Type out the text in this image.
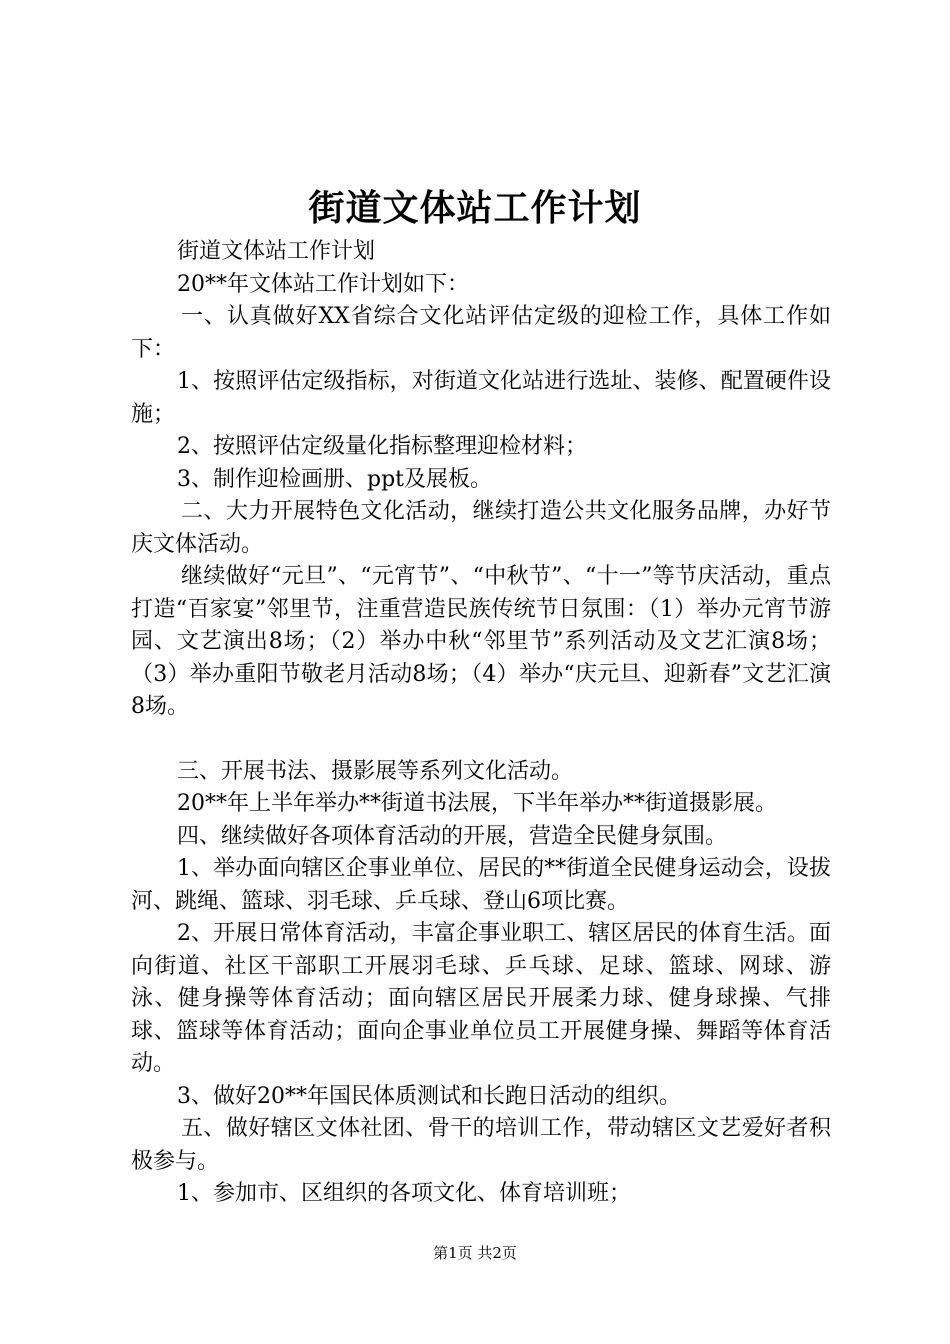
街道文体站工作计划

街道文体站工作计划

20**年文体站工作计划如下：

一、认真做好XX省综合文化站评估定级的迎检工作，具体工作如下：

1、按照评估定级指标，对街道文化站进行选址、装修、配置硬件设施；

2、按照评估定级量化指标整理迎检材料；

3、制作迎检画册、ppt及展板。

二、大力开展特色文化活动，继续打造公共文化服务品牌，办好节庆文体活动。

继续做好“元旦”、“元宵节”、“中秋节”、“十一”等节庆活动，重点打造“百家宴”邻里节，注重营造民族传统节日氛围：（1）举办元宵节游园、文艺演出8场；（2）举办中秋“邻里节”系列活动及文艺汇演8场；（3）举办重阳节敬老月活动8场；（4）举办“庆元旦、迎新春”文艺汇演8场。

三、开展书法、摄影展等系列文化活动。

20**年上半年举办**街道书法展，下半年举办**街道摄影展。

四、继续做好各项体育活动的开展，营造全民健身氛围。

1、举办面向辖区企事业单位、居民的**街道全民健身运动会，设拔河、跳绳、篮球、羽毛球、乒乓球、登山6项比赛。

2、开展日常体育活动，丰富企事业职工、辖区居民的体育生活。面向街道、社区干部职工开展羽毛球、乒乓球、足球、篮球、网球、游泳、健身操等体育活动；面向辖区居民开展柔力球、健身球操、气排球、篮球等体育活动；面向企事业单位员工开展健身操、舞蹈等体育活动。

3、做好20**年国民体质测试和长跑日活动的组织。

五、做好辖区文体社团、骨干的培训工作，带动辖区文艺爱好者积极参与。

1、参加市、区组织的各项文化、体育培训班；

第1页 共2页
